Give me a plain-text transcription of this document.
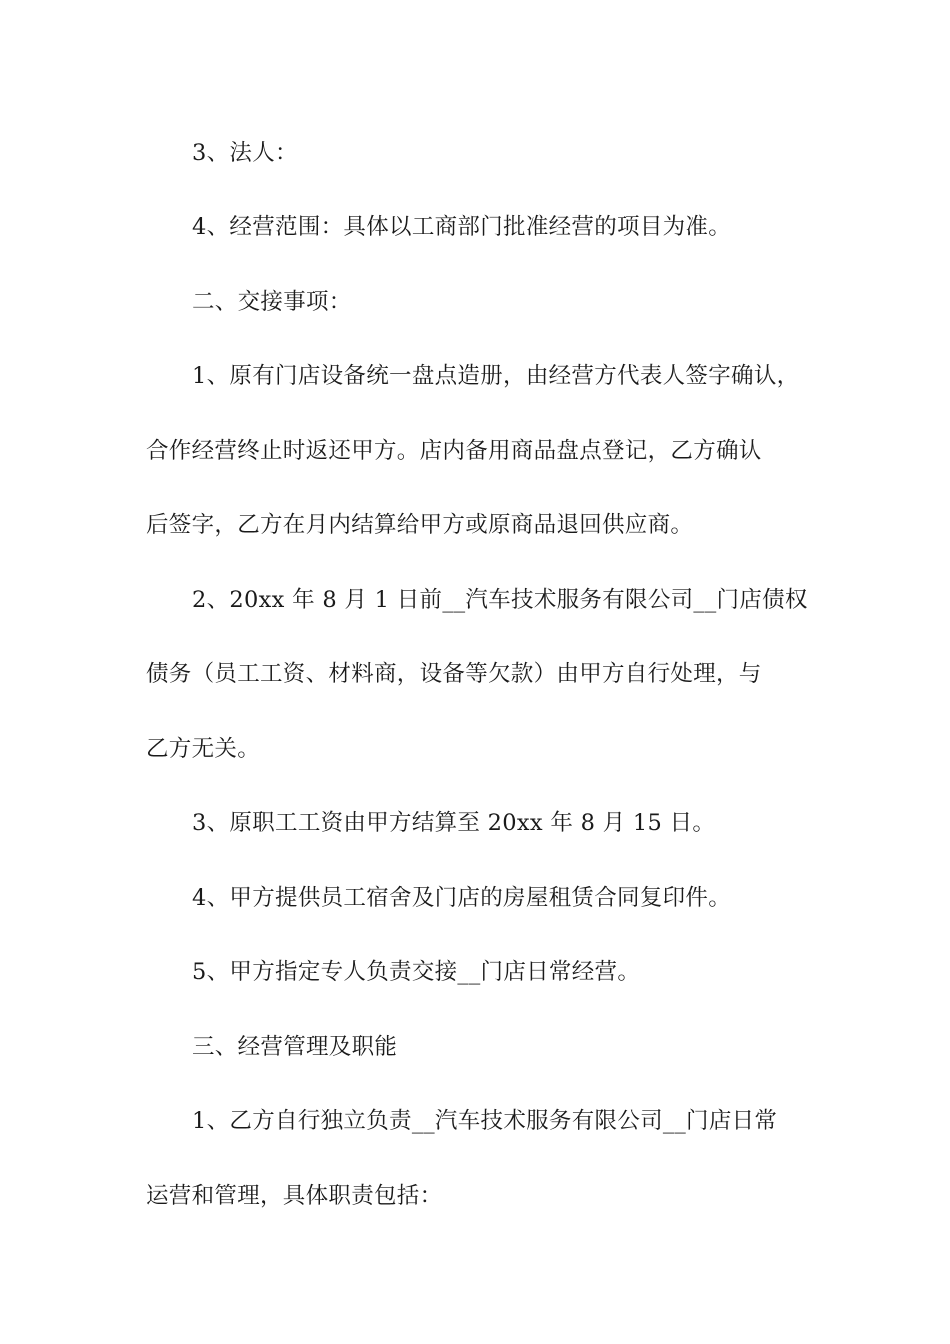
3、法人：
4、经营范围：具体以工商部门批准经营的项目为准。
二、交接事项：
1、原有门店设备统一盘点造册，由经营方代表人签字确认，
合作经营终止时返还甲方。店内备用商品盘点登记，乙方确认
后签字，乙方在月内结算给甲方或原商品退回供应商。
2、20xx 年 8 月 1 日前__汽车技术服务有限公司__门店债权
债务（员工工资、材料商，设备等欠款）由甲方自行处理，与
乙方无关。
3、原职工工资由甲方结算至 20xx 年 8 月 15 日。
4、甲方提供员工宿舍及门店的房屋租赁合同复印件。
5、甲方指定专人负责交接__门店日常经营。
三、经营管理及职能
1、乙方自行独立负责__汽车技术服务有限公司__门店日常
运营和管理，具体职责包括：
